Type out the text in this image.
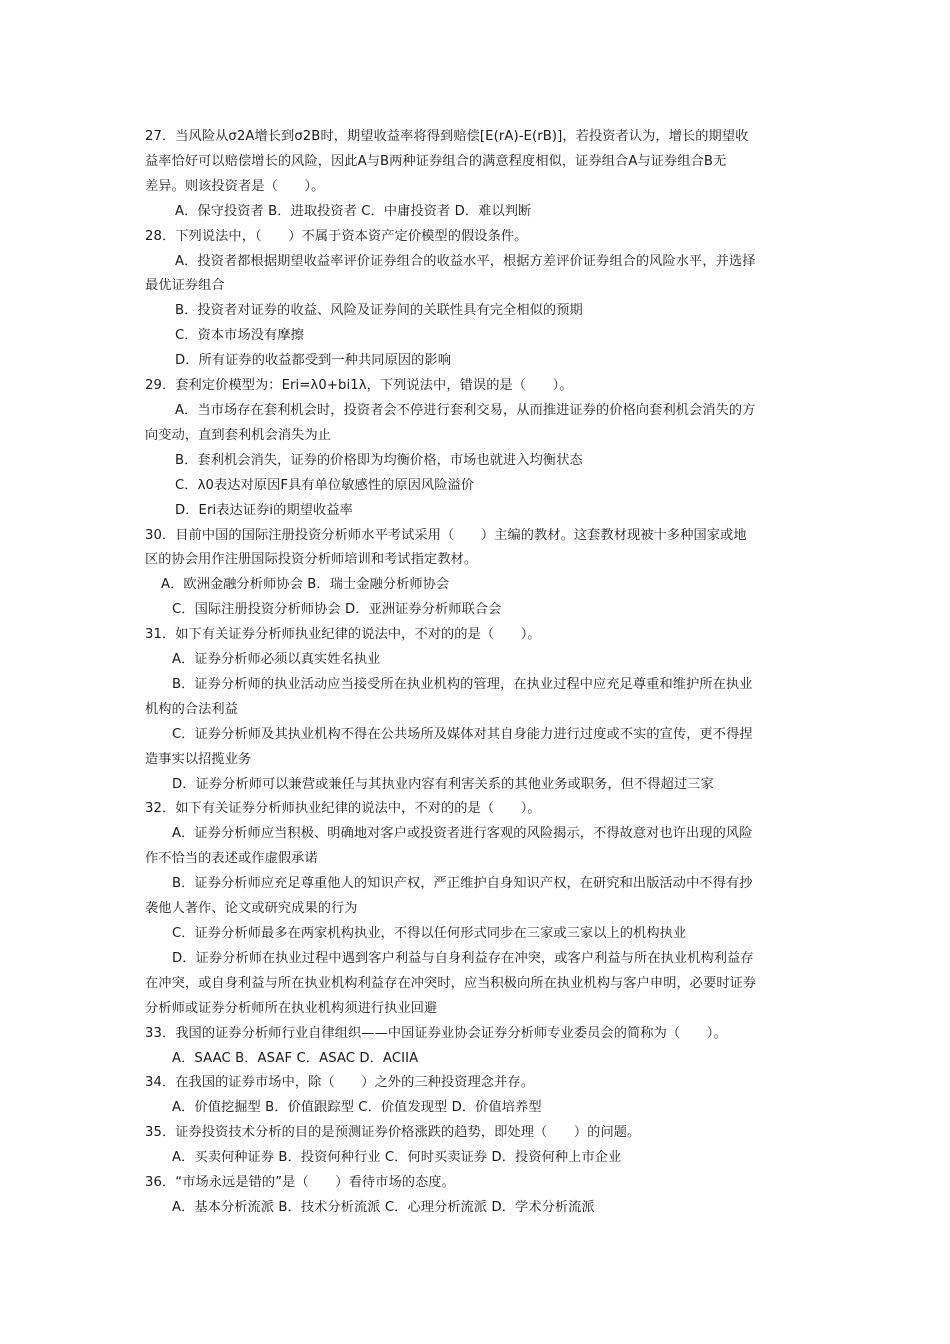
27．当风险从σ2A增长到σ2B时，期望收益率将得到赔偿[E(rA)-E(rB)]，若投资者认为，增长的期望收
益率恰好可以赔偿增长的风险，因此A与B两种证券组合的满意程度相似，证券组合A与证券组合B无
差异。则该投资者是（　　）。
A．保守投资者 B．进取投资者 C．中庸投资者 D．难以判断
28．下列说法中，（　　）不属于资本资产定价模型的假设条件。
A．投资者都根据期望收益率评价证券组合的收益水平，根据方差评价证券组合的风险水平，并选择
最优证券组合
B．投资者对证券的收益、风险及证券间的关联性具有完全相似的预期
C．资本市场没有摩擦
D．所有证券的收益都受到一种共同原因的影响
29．套利定价模型为：Eri=λ0+bi1λ，下列说法中，错误的是（　　）。
A．当市场存在套利机会时，投资者会不停进行套利交易，从而推进证券的价格向套利机会消失的方
向变动，直到套利机会消失为止
B．套利机会消失，证券的价格即为均衡价格，市场也就进入均衡状态
C．λ0表达对原因F具有单位敏感性的原因风险溢价
D．Eri表达证券i的期望收益率
30．目前中国的国际注册投资分析师水平考试采用（　　）主编的教材。这套教材现被十多种国家或地
区的协会用作注册国际投资分析师培训和考试指定教材。
A．欧洲金融分析师协会 B．瑞士金融分析师协会
C．国际注册投资分析师协会 D．亚洲证券分析师联合会
31．如下有关证券分析师执业纪律的说法中，不对的的是（　　）。
A．证券分析师必须以真实姓名执业
B．证券分析师的执业活动应当接受所在执业机构的管理，在执业过程中应充足尊重和维护所在执业
机构的合法利益
C．证券分析师及其执业机构不得在公共场所及媒体对其自身能力进行过度或不实的宣传，更不得捏
造事实以招揽业务
D．证券分析师可以兼营或兼任与其执业内容有利害关系的其他业务或职务，但不得超过三家
32．如下有关证券分析师执业纪律的说法中，不对的的是（　　）。
A．证券分析师应当积极、明确地对客户或投资者进行客观的风险揭示，不得故意对也许出现的风险
作不恰当的表述或作虚假承诺
B．证券分析师应充足尊重他人的知识产权，严正维护自身知识产权，在研究和出版活动中不得有抄
袭他人著作、论文或研究成果的行为
C．证券分析师最多在两家机构执业，不得以任何形式同步在三家或三家以上的机构执业
D．证券分析师在执业过程中遇到客户利益与自身利益存在冲突，或客户利益与所在执业机构利益存
在冲突，或自身利益与所在执业机构利益存在冲突时，应当积极向所在执业机构与客户申明，必要时证券
分析师或证券分析师所在执业机构须进行执业回避
33．我国的证券分析师行业自律组织——中国证券业协会证券分析师专业委员会的简称为（　　）。
A．SAAC B．ASAF C．ASAC D．ACIIA
34．在我国的证券市场中，除（　　）之外的三种投资理念并存。
A．价值挖掘型 B．价值跟踪型 C．价值发现型 D．价值培养型
35．证券投资技术分析的目的是预测证券价格涨跌的趋势，即处理（　　）的问题。
A．买卖何种证券 B．投资何种行业 C．何时买卖证券 D．投资何种上市企业
36．“市场永远是错的”是（　　）看待市场的态度。
A．基本分析流派 B．技术分析流派 C．心理分析流派 D．学术分析流派
